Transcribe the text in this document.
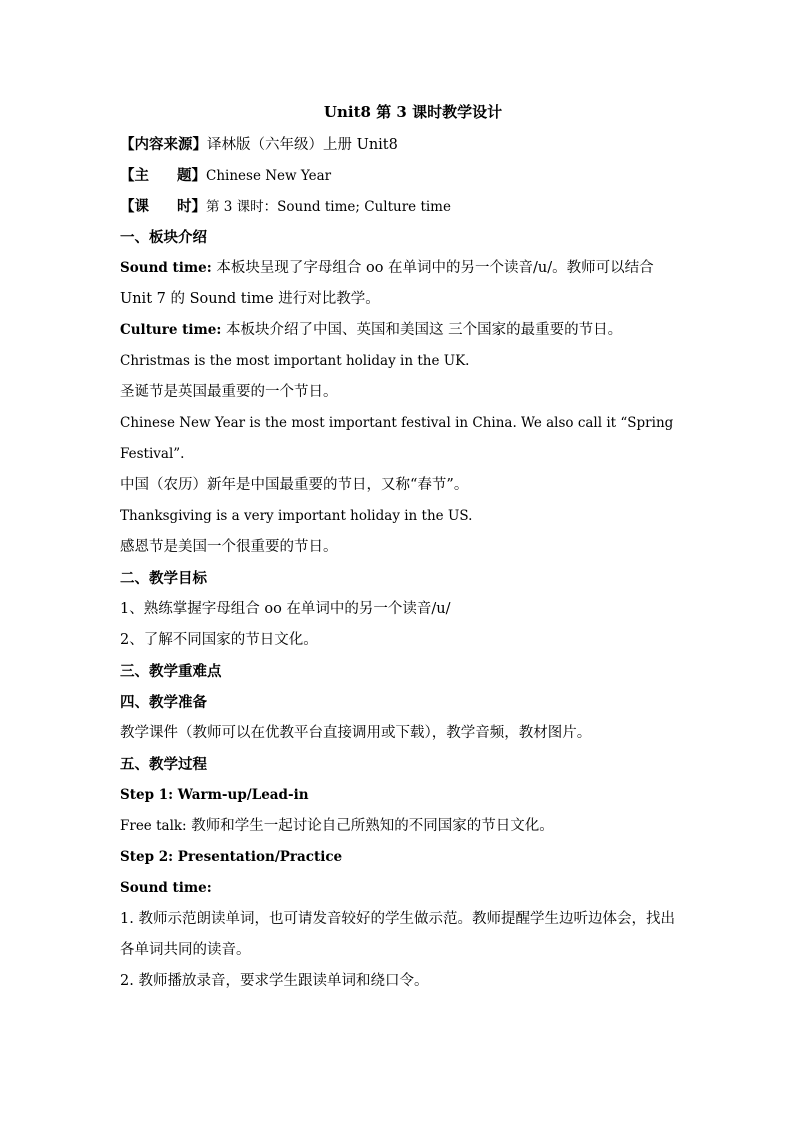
Unit8 第 3 课时教学设计
【内容来源】译林版（六年级）上册 Unit8
【主 题】Chinese New Year
【课 时】第 3 课时：Sound time; Culture time
一、板块介绍
Sound time: 本板块呈现了字母组合 oo 在单词中的另一个读音/u/。教师可以结合 Unit 7 的 Sound time 进行对比教学。
Culture time: 本板块介绍了中国、英国和美国这 三个国家的最重要的节日。
Christmas is the most important holiday in the UK.
圣诞节是英国最重要的一个节日。
Chinese New Year is the most important festival in China. We also call it “Spring Festival”.
中国（农历）新年是中国最重要的节日，又称“春节”。
Thanksgiving is a very important holiday in the US.
感恩节是美国一个很重要的节日。
二、教学目标
1、熟练掌握字母组合 oo 在单词中的另一个读音/u/
2、了解不同国家的节日文化。
三、教学重难点
四、教学准备
教学课件（教师可以在优教平台直接调用或下载），教学音频，教材图片。
五、教学过程
Step 1: Warm-up/Lead-in
Free talk: 教师和学生一起讨论自己所熟知的不同国家的节日文化。
Step 2: Presentation/Practice
Sound time:
1. 教师示范朗读单词，也可请发音较好的学生做示范。教师提醒学生边听边体会，找出各单词共同的读音。
2. 教师播放录音，要求学生跟读单词和绕口令。
